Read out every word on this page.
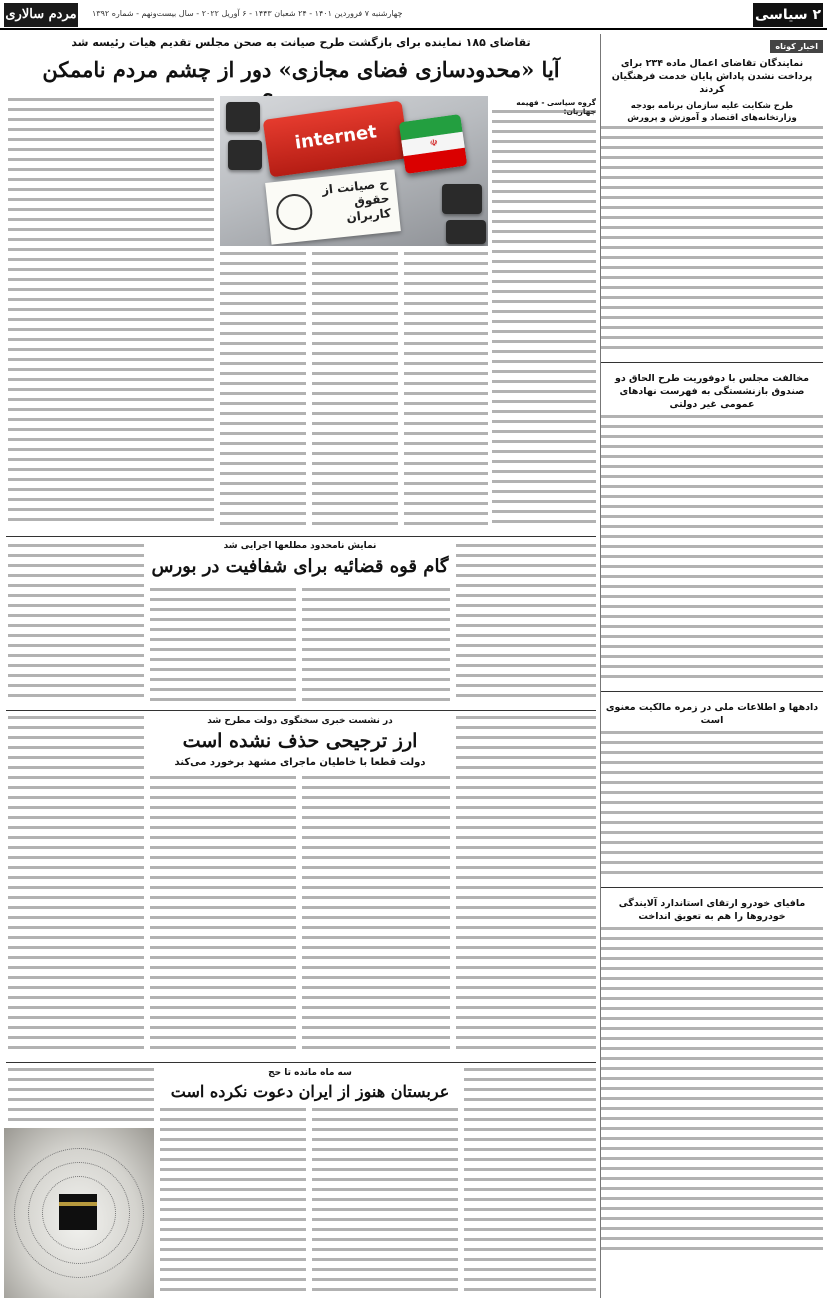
۲ سیاسی
چهارشنبه ۷ فروردین ۱۴۰۱ - ۲۴ شعبان ۱۴۴۳ - ۶ آوریل ۲۰۲۲ - سال بیست‌ونهم - شماره ۱۳۹۲
مردم سالاری
اخبار کوتاه
نمایندگان تقاضای اعمال ماده ۲۳۴ برای پرداخت نشدن پاداش پایان خدمت فرهنگیان کردند
طرح شکایت علیه سازمان برنامه بودجه وزارتخانه‌های اقتصاد و آموزش و پرورش
مخالفت مجلس با دوفوریت طرح الحاق دو صندوق بازنشستگی به فهرست نهادهای عمومی غیر دولتی
دادهها و اطلاعات ملی در زمره مالکیت معنوی است
مافیای خودرو ارتقای استاندارد آلایندگی خودروها را هم به تعویق انداخت
تقاضای ۱۸۵ نماینده برای بازگشت طرح صیانت به صحن مجلس تقدیم هیات رئیسه شد
آیا «محدودسازی فضای مجازی» دور از چشم مردم ناممکن
internet	☫
ح صیانت از حقوق کاربران
گروه سیاسی - فهیمه جهاریان:
نمایش نامحدود مطلعها اجرایی شد
گام قوه قضائیه برای شفافیت در بورس
در نشست خبری سخنگوی دولت مطرح شد
ارز ترجیحی حذف نشده است
دولت قطعا با خاطیان ماجرای مشهد برخورد می‌کند
سه ماه مانده تا حج
عربستان هنوز از ایران دعوت نکرده است
